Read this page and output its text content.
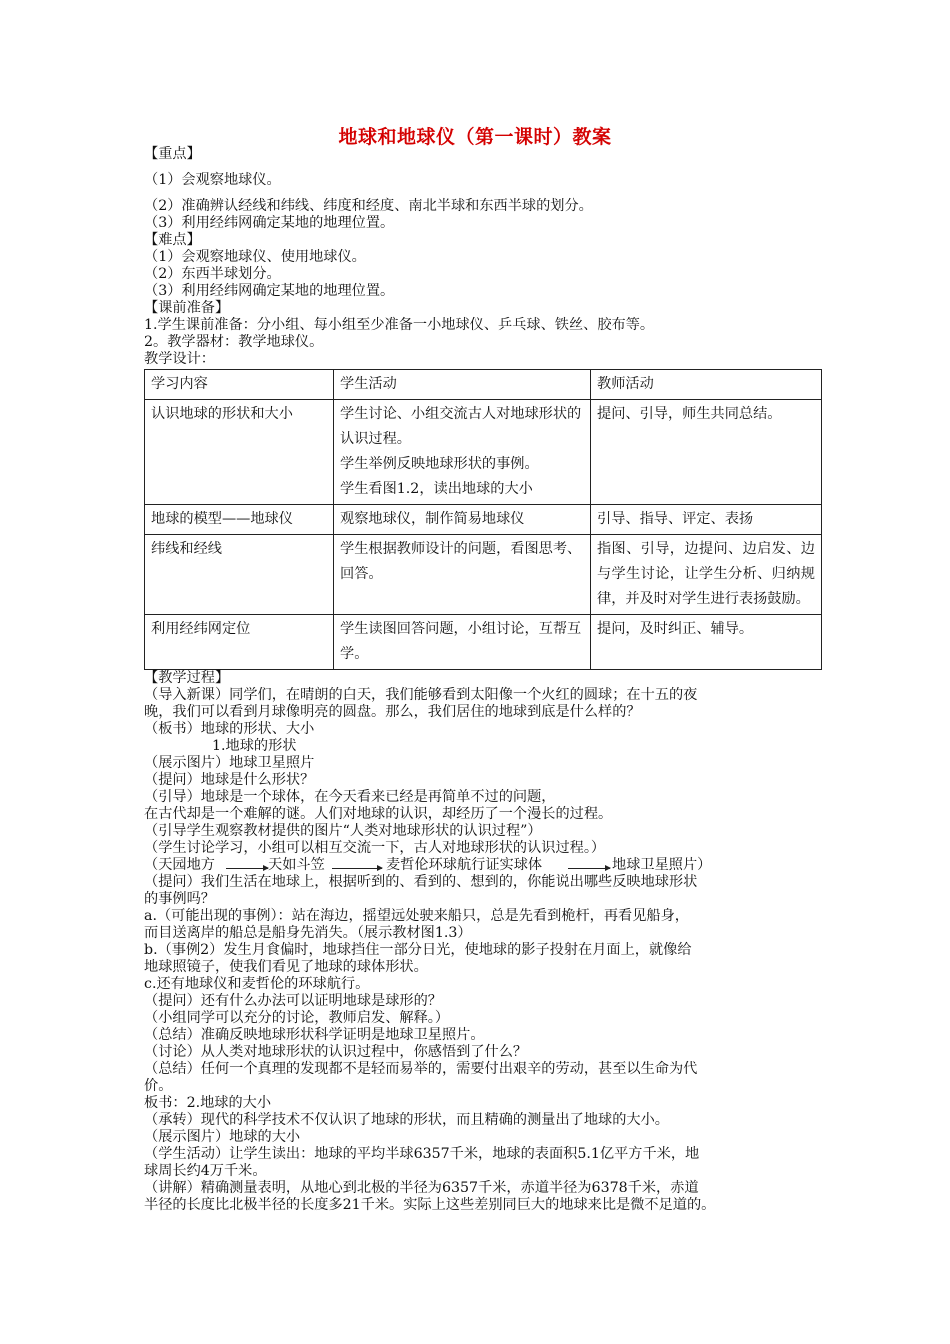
地球和地球仪（第一课时）教案
【重点】
（1）会观察地球仪。
（2）准确辨认经线和纬线、纬度和经度、南北半球和东西半球的划分。
（3）利用经纬网确定某地的地理位置。
【难点】
（1）会观察地球仪、使用地球仪。
（2）东西半球划分。
（3）利用经纬网确定某地的地理位置。
【课前准备】
1.学生课前准备：分小组、每小组至少准备一小地球仪、乒乓球、铁丝、胶布等。
2。教学器材：教学地球仪。
教学设计：
学习内容	学生活动	教师活动
认识地球的形状和大小	学生讨论、小组交流古人对地球形状的认识过程。
学生举例反映地球形状的事例。
学生看图1.2，读出地球的大小	提问、引导，师生共同总结。
地球的模型——地球仪	观察地球仪，制作简易地球仪	引导、指导、评定、表扬
纬线和经线	学生根据教师设计的问题，看图思考、回答。	指图、引导，边提问、边启发、边与学生讨论，让学生分析、归纳规律，并及时对学生进行表扬鼓励。
利用经纬网定位	学生读图回答问题，小组讨论，互帮互学。	提问，及时纠正、辅导。
【教学过程】
（导入新课）同学们，在晴朗的白天，我们能够看到太阳像一个火红的圆球；在十五的夜
晚，我们可以看到月球像明亮的圆盘。那么，我们居住的地球到底是什么样的？
（板书）地球的形状、大小
1.地球的形状
（展示图片）地球卫星照片
（提问）地球是什么形状？
（引导）地球是一个球体，在今天看来已经是再简单不过的问题，
在古代却是一个难解的谜。人们对地球的认识，却经历了一个漫长的过程。
（引导学生观察教材提供的图片“人类对地球形状的认识过程”）
（学生讨论学习，小组可以相互交流一下，古人对地球形状的认识过程。）
（天园地方	天如斗笠	麦哲伦环球航行证实球体	地球卫星照片）
（提问）我们生活在地球上，根据听到的、看到的、想到的，你能说出哪些反映地球形状
的事例吗？
a.（可能出现的事例）：站在海边，摇望远处驶来船只，总是先看到桅杆，再看见船身，
而目送离岸的船总是船身先消失。（展示教材图1.3）
b.（事例2）发生月食偏时，地球挡住一部分日光，使地球的影子投射在月面上，就像给
地球照镜子，使我们看见了地球的球体形状。
c.还有地球仪和麦哲伦的环球航行。
（提问）还有什么办法可以证明地球是球形的？
（小组同学可以充分的讨论，教师启发、解释。）
（总结）准确反映地球形状科学证明是地球卫星照片。
（讨论）从人类对地球形状的认识过程中，你感悟到了什么？
（总结）任何一个真理的发现都不是轻而易举的，需要付出艰辛的劳动，甚至以生命为代
价。
板书：2.地球的大小
（承转）现代的科学技术不仅认识了地球的形状，而且精确的测量出了地球的大小。
（展示图片）地球的大小
（学生活动）让学生读出：地球的平均半球6357千米，地球的表面积5.1亿平方千米，地
球周长约4万千米。
（讲解）精确测量表明，从地心到北极的半径为6357千米，赤道半径为6378千米，赤道
半径的长度比北极半径的长度多21千米。实际上这些差别同巨大的地球来比是微不足道的。
